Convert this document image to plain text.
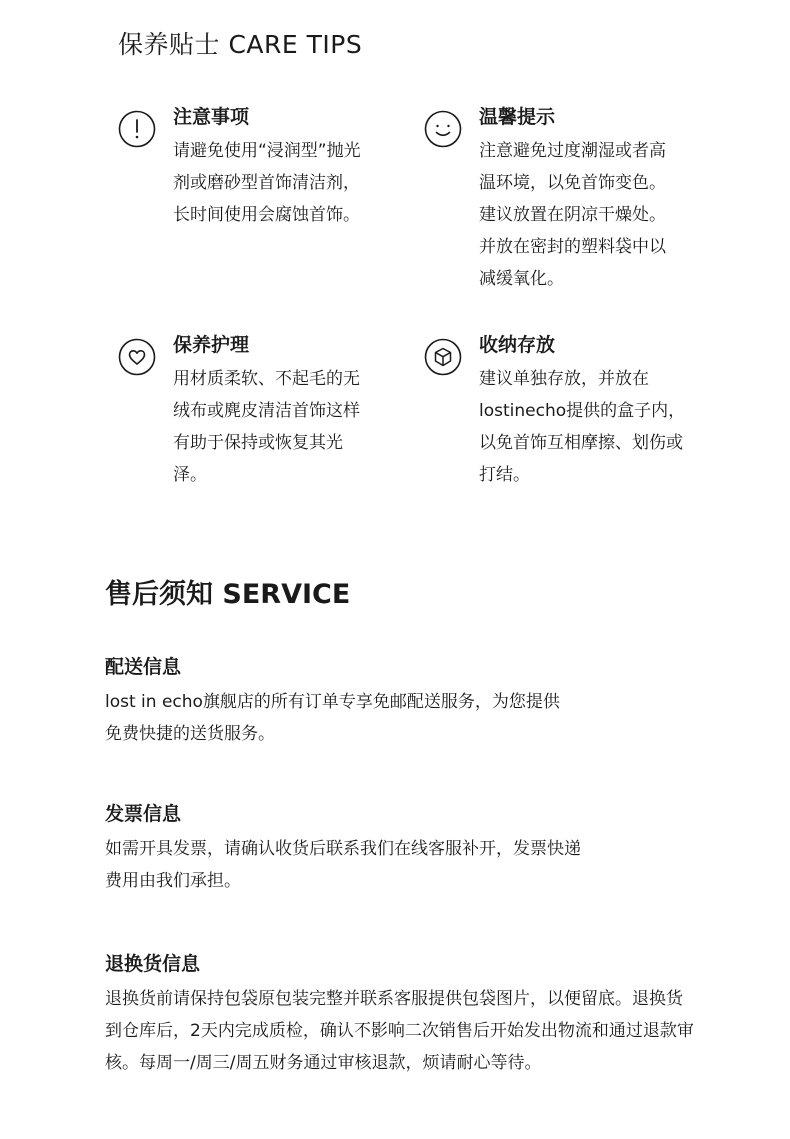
保养贴士 CARE TIPS
注意事项

请避免使用“浸润型”抛光剂或磨砂型首饰清洁剂，长时间使用会腐蚀首饰。

温馨提示

注意避免过度潮湿或者高温环境，以免首饰变色。建议放置在阴凉干燥处。并放在密封的塑料袋中以减缓氧化。

保养护理

用材质柔软、不起毛的无绒布或麂皮清洁首饰这样有助于保持或恢复其光泽。

收纳存放

建议单独存放，并放在lostinecho提供的盒子内，以免首饰互相摩擦、划伤或打结。

售后须知 SERVICE
配送信息

lost in echo旗舰店的所有订单专享免邮配送服务，为您提供免费快捷的送货服务。

发票信息

如需开具发票，请确认收货后联系我们在线客服补开，发票快递费用由我们承担。

退换货信息

退换货前请保持包袋原包装完整并联系客服提供包袋图片，以便留底。退换货到仓库后，2天内完成质检，确认不影响二次销售后开始发出物流和通过退款审核。每周一/周三/周五财务通过审核退款，烦请耐心等待。
